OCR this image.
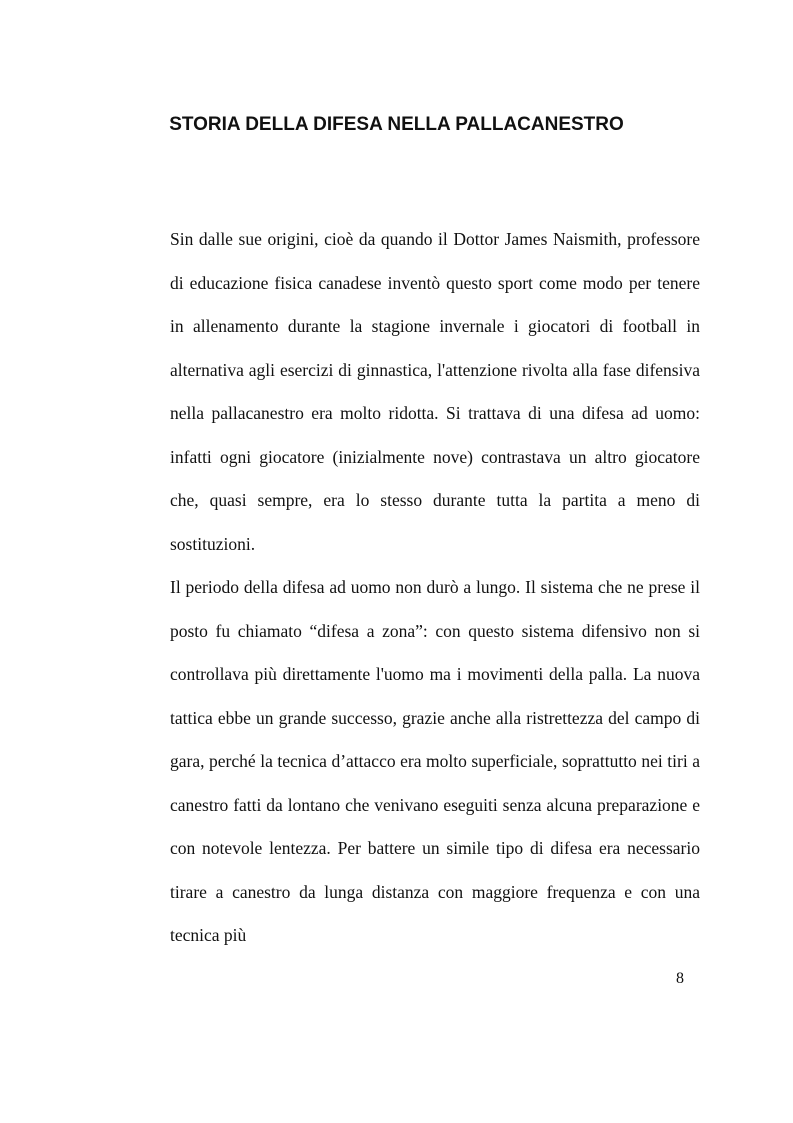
STORIA DELLA DIFESA NELLA PALLACANESTRO

Sin dalle sue origini, cioè da quando il Dottor James Naismith, professore di educazione fisica canadese inventò questo sport come modo per tenere in allenamento durante la stagione invernale i giocatori di football in alternativa agli esercizi di ginnastica, l'attenzione rivolta alla fase difensiva nella pallacanestro era molto ridotta. Si trattava di una difesa ad uomo: infatti ogni giocatore (inizialmente nove) contrastava un altro giocatore che, quasi sempre, era lo stesso durante tutta la partita a meno di sostituzioni.

Il periodo della difesa ad uomo non durò a lungo. Il sistema che ne prese il posto fu chiamato “difesa a zona”: con questo sistema difensivo non si controllava più direttamente l'uomo ma i movimenti della palla. La nuova tattica ebbe un grande successo, grazie anche alla ristrettezza del campo di gara, perché la tecnica d’attacco era molto superficiale, soprattutto nei tiri a canestro fatti da lontano che venivano eseguiti senza alcuna preparazione e con notevole lentezza. Per battere un simile tipo di difesa era necessario tirare a canestro da lunga distanza con maggiore frequenza e con una tecnica più

8
